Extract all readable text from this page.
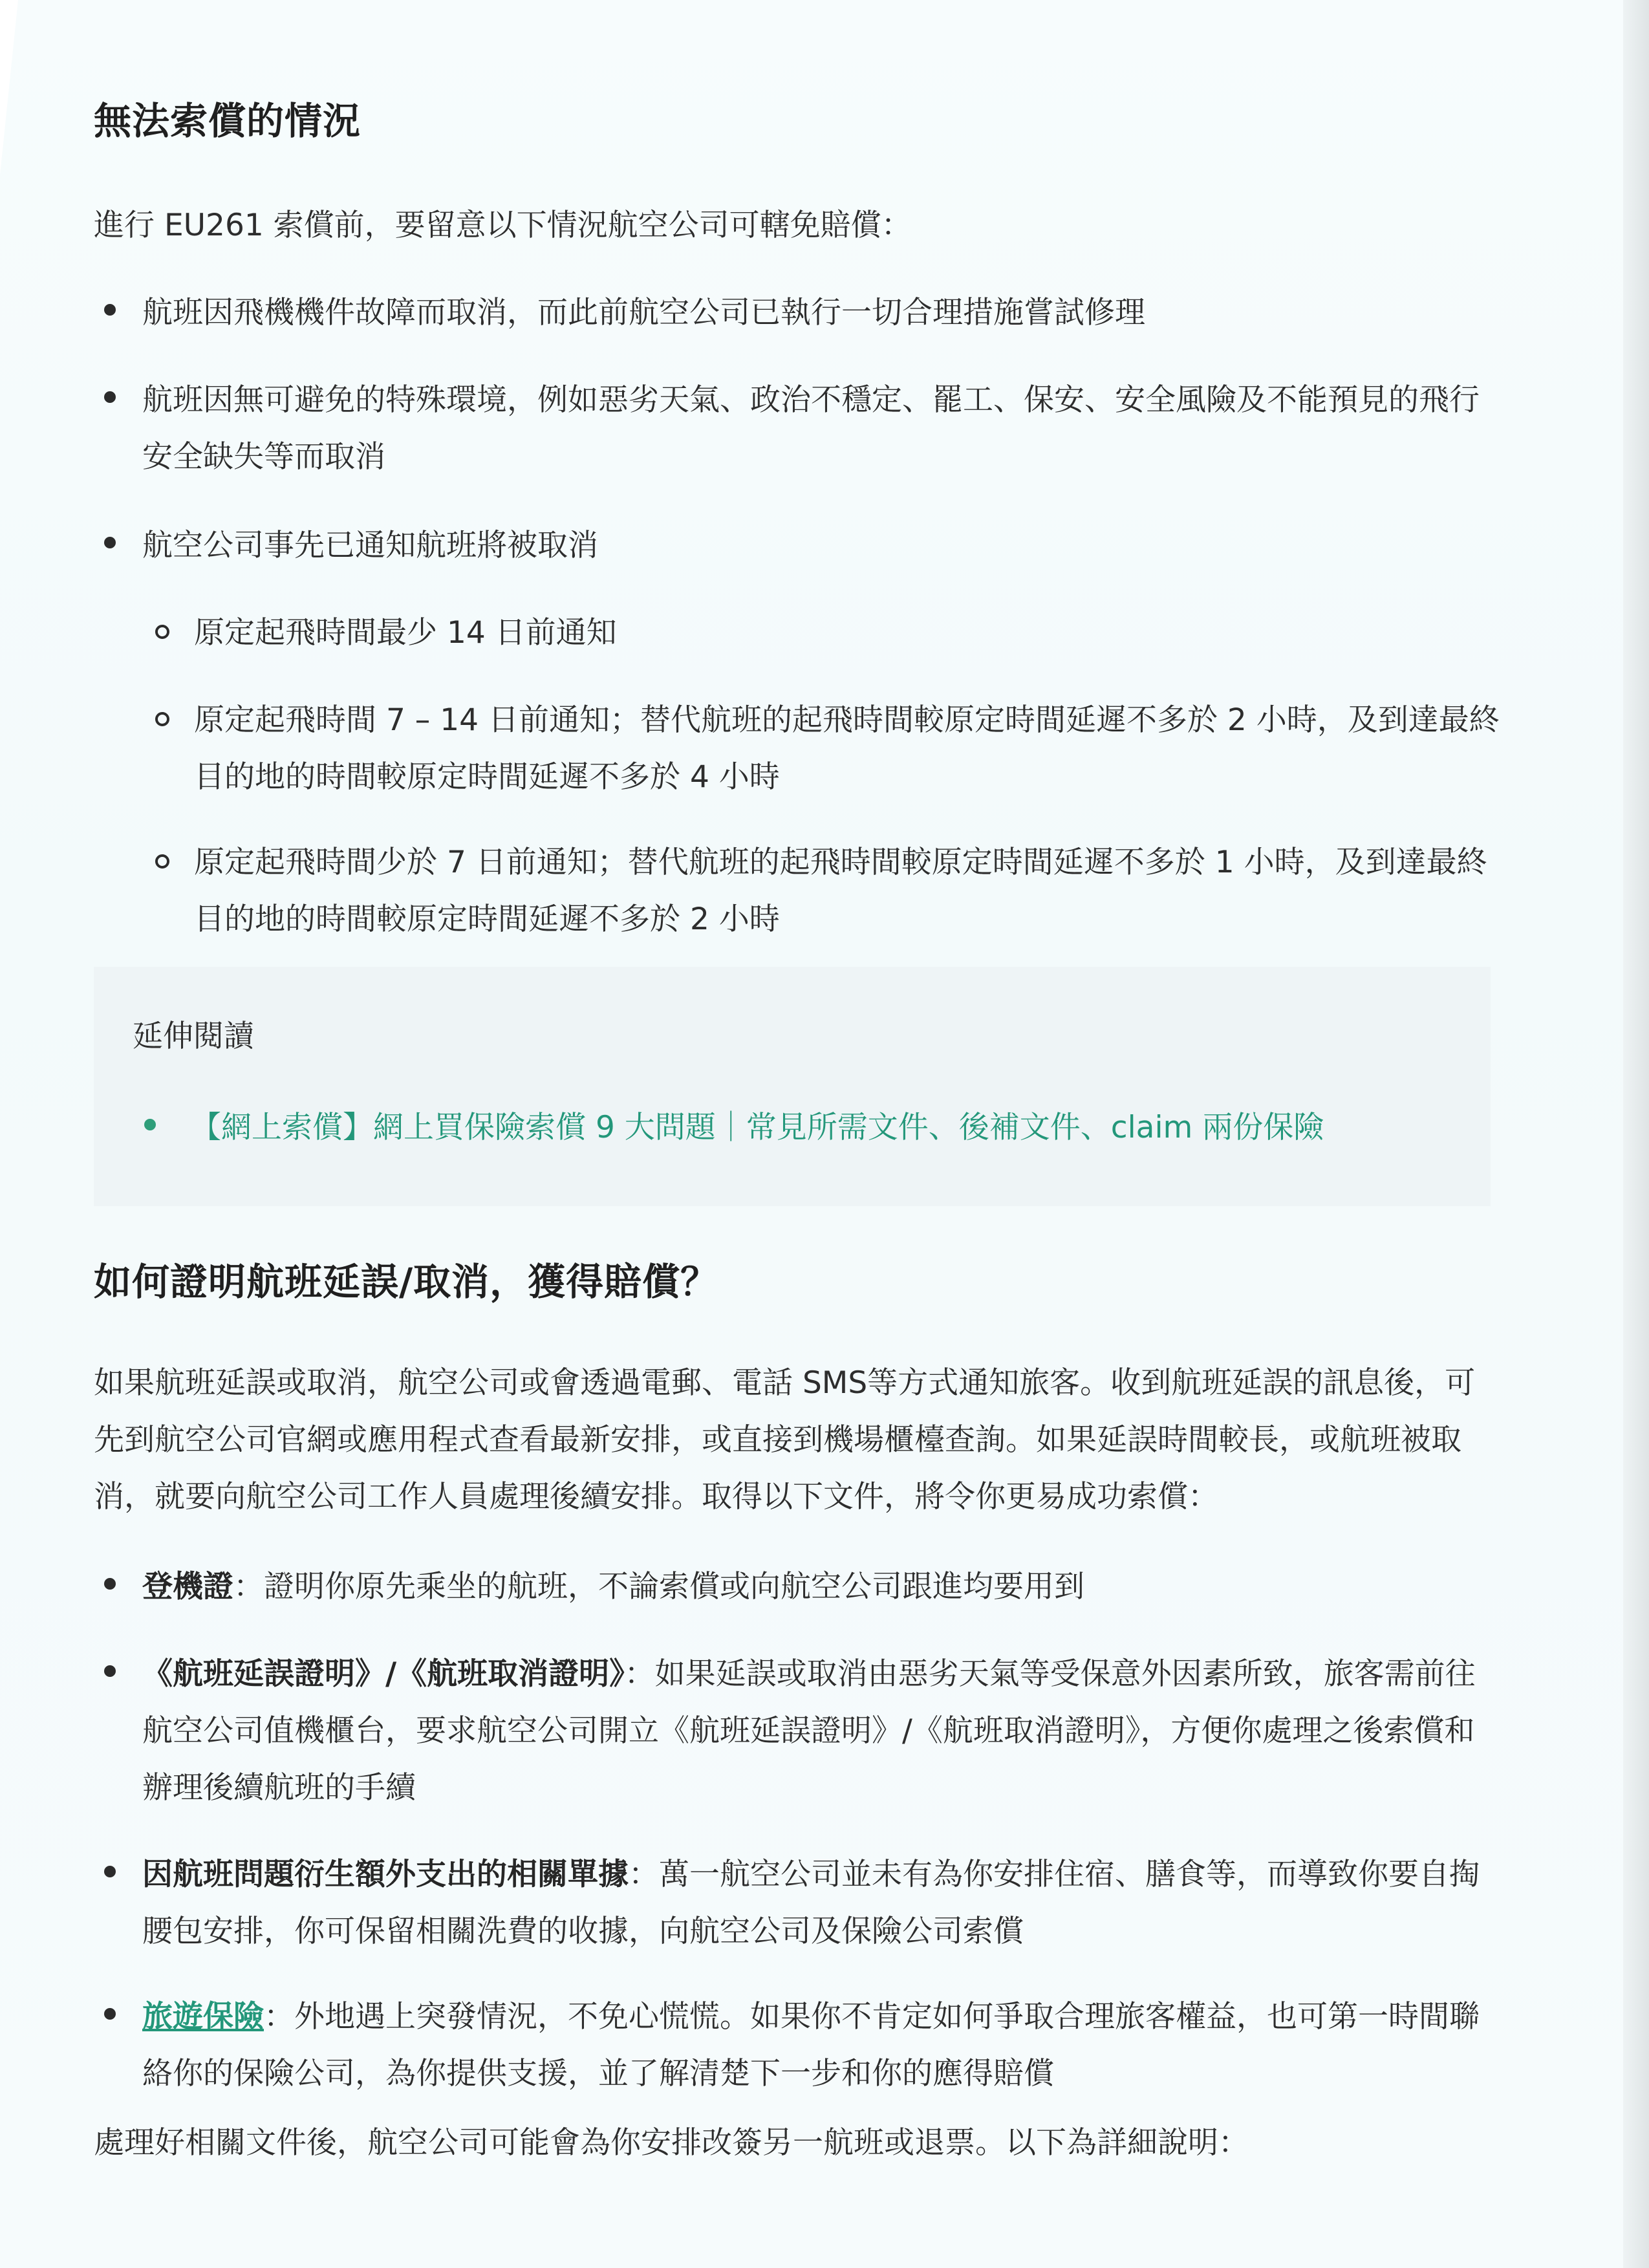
延伸閱讀
【網上索償】網上買保險索償 9 大問題｜常見所需文件、後補文件、claim 兩份保險
無法索償的情況

進行 EU261 索償前，要留意以下情況航空公司可轄免賠償：

航班因飛機機件故障而取消，而此前航空公司已執行一切合理措施嘗試修理
航班因無可避免的特殊環境，例如惡劣天氣、政治不穩定、罷工、保安、安全風險及不能預見的飛行安全缺失等而取消
航空公司事先已通知航班將被取消
原定起飛時間最少 14 日前通知
原定起飛時間 7 – 14 日前通知；替代航班的起飛時間較原定時間延遲不多於 2 小時，及到達最終目的地的時間較原定時間延遲不多於 4 小時
原定起飛時間少於 7 日前通知；替代航班的起飛時間較原定時間延遲不多於 1 小時，及到達最終目的地的時間較原定時間延遲不多於 2 小時
如何證明航班延誤/取消，獲得賠償？

如果航班延誤或取消，航空公司或會透過電郵、電話 SMS等方式通知旅客。收到航班延誤的訊息後，可先到航空公司官網或應用程式查看最新安排，或直接到機場櫃檯查詢。如果延誤時間較長，或航班被取消，就要向航空公司工作人員處理後續安排。取得以下文件，將令你更易成功索償：

登機證：證明你原先乘坐的航班，不論索償或向航空公司跟進均要用到
《航班延誤證明》/《航班取消證明》：如果延誤或取消由惡劣天氣等受保意外因素所致，旅客需前往航空公司值機櫃台，要求航空公司開立《航班延誤證明》/《航班取消證明》，方便你處理之後索償和辦理後續航班的手續
因航班問題衍生額外支出的相關單據：萬一航空公司並未有為你安排住宿、膳食等，而導致你要自掏腰包安排，你可保留相關洗費的收據，向航空公司及保險公司索償
旅遊保險：外地遇上突發情況，不免心慌慌。如果你不肯定如何爭取合理旅客權益，也可第一時間聯絡你的保險公司，為你提供支援，並了解清楚下一步和你的應得賠償

處理好相關文件後，航空公司可能會為你安排改簽另一航班或退票。以下為詳細說明：
